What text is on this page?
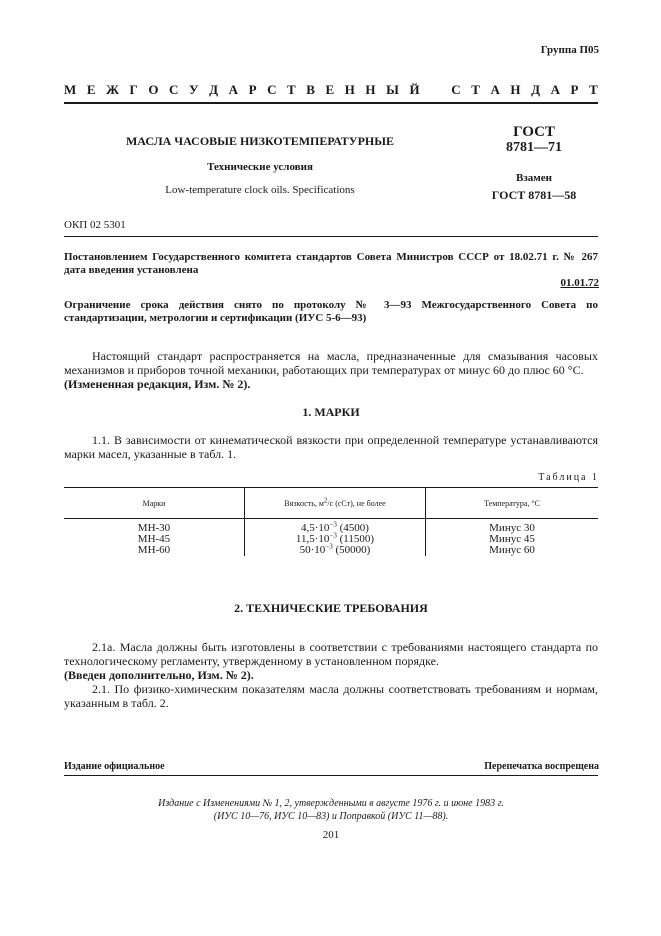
Группа П05
М Е Ж Г О С У Д А Р С Т В Е Н Н Ы Й С Т А Н Д А Р Т
МАСЛА ЧАСОВЫЕ НИЗКОТЕМПЕРАТУРНЫЕ
Технические условия
Low-temperature clock oils. Specifications
ГОСТ
8781—71
Взамен
ГОСТ 8781—58
ОКП 02 5301
Постановлением Государственного комитета стандартов Совета Министров СССР от 18.02.71 г. № 267 дата введения установлена
01.01.72
Ограничение срока действия снято по протоколу № 3—93 Межгосударственного Совета по стандартизации, метрологии и сертификации (ИУС 5-6—93)
Настоящий стандарт распространяется на масла, предназначенные для смазывания часовых механизмов и приборов точной механики, работающих при температурах от минус 60 до плюс 60 °С.
(Измененная редакция, Изм. № 2).
1. МАРКИ
1.1. В зависимости от кинематической вязкости при определенной температуре устанавливаются марки масел, указанные в табл. 1.
Таблица 1
Марки	Вязкость, $м^2/с$ (сСт), не более	Температура, °С
МН-30	$4,5\cdot 10^{-3}$ (4500)	Минус 30
МН-45	$11,5\cdot 10^{-3}$ (11500)	Минус 45
МН-60	$50\cdot 10^{-3}$ (50000)	Минус 60
2. ТЕХНИЧЕСКИЕ ТРЕБОВАНИЯ
2.1а. Масла должны быть изготовлены в соответствии с требованиями настоящего стандарта по технологическому регламенту, утвержденному в установленном порядке.
(Введен дополнительно, Изм. № 2).
2.1. По физико-химическим показателям масла должны соответствовать требованиям и нормам, указанным в табл. 2.
Издание официальное	Перепечатка воспрещена
Издание с Изменениями № 1, 2, утвержденными в августе 1976 г. и июне 1983 г.
(ИУС 10—76, ИУС 10—83) и Поправкой (ИУС 11—88).
201
